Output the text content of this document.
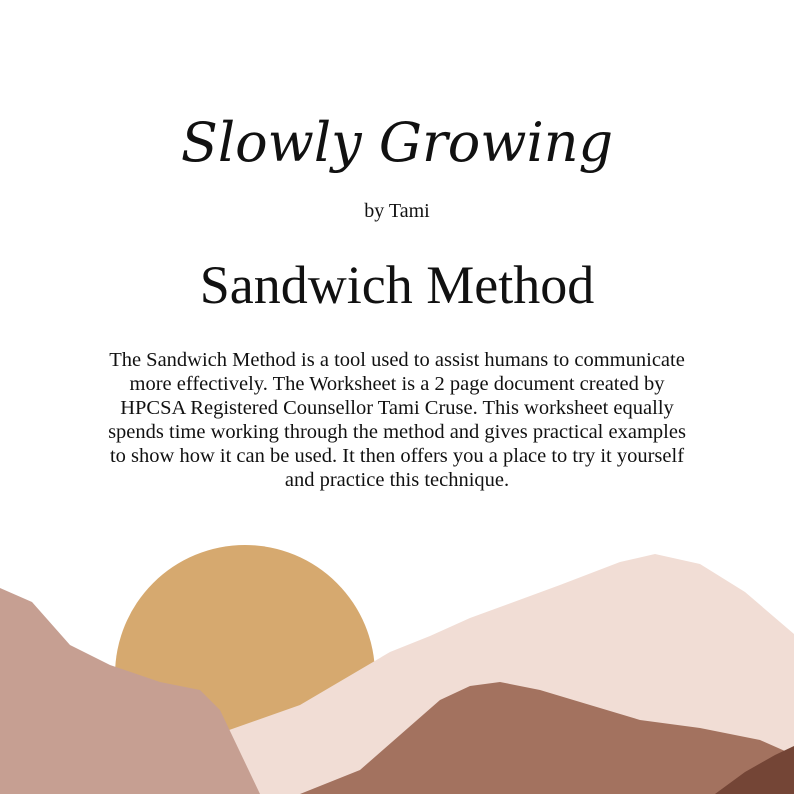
Slowly Growing
by Tami
Sandwich Method

The Sandwich Method is a tool used to assist humans to communicate more effectively. The Worksheet is a 2 page document created by HPCSA Registered Counsellor Tami Cruse. This worksheet equally spends time working through the method and gives practical examples to show how it can be used. It then offers you a place to try it yourself and practice this technique.
